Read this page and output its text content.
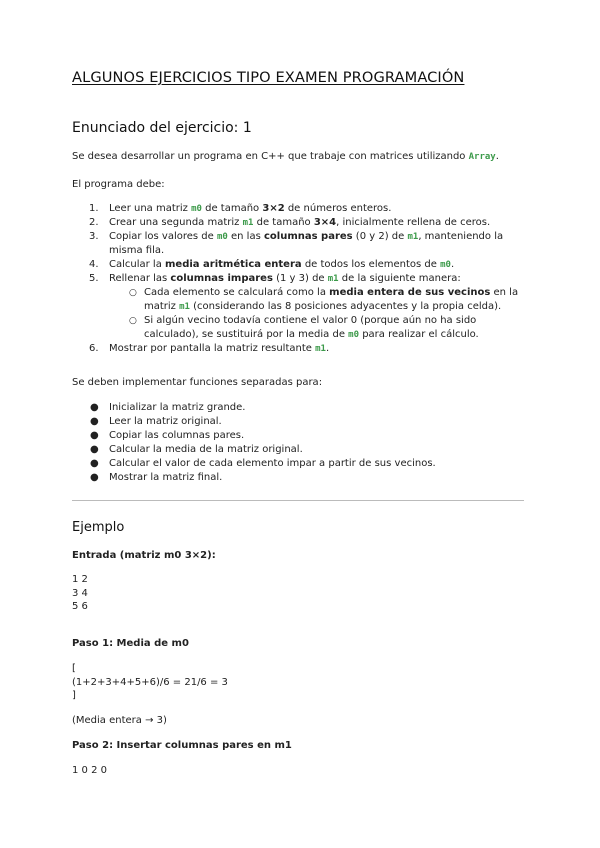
ALGUNOS EJERCICIOS TIPO EXAMEN PROGRAMACIÓN
Enunciado del ejercicio: 1
Se desea desarrollar un programa en C++ que trabaje con matrices utilizando Array.
El programa debe:
1. Leer una matriz m0 de tamaño 3×2 de números enteros.
2. Crear una segunda matriz m1 de tamaño 3×4, inicialmente rellena de ceros.
3. Copiar los valores de m0 en las columnas pares (0 y 2) de m1, manteniendo la
misma fila.
4. Calcular la media aritmética entera de todos los elementos de m0.
5. Rellenar las columnas impares (1 y 3) de m1 de la siguiente manera:
○ Cada elemento se calculará como la media entera de sus vecinos en la
matriz m1 (considerando las 8 posiciones adyacentes y la propia celda).
○ Si algún vecino todavía contiene el valor 0 (porque aún no ha sido
calculado), se sustituirá por la media de m0 para realizar el cálculo.
6. Mostrar por pantalla la matriz resultante m1.
Se deben implementar funciones separadas para:
● Inicializar la matriz grande.
● Leer la matriz original.
● Copiar las columnas pares.
● Calcular la media de la matriz original.
● Calcular el valor de cada elemento impar a partir de sus vecinos.
● Mostrar la matriz final.
Ejemplo
Entrada (matriz m0 3×2):
1 2
3 4
5 6
Paso 1: Media de m0
[
(1+2+3+4+5+6)/6 = 21/6 = 3
]
(Media entera → 3)
Paso 2: Insertar columnas pares en m1
1 0 2 0
